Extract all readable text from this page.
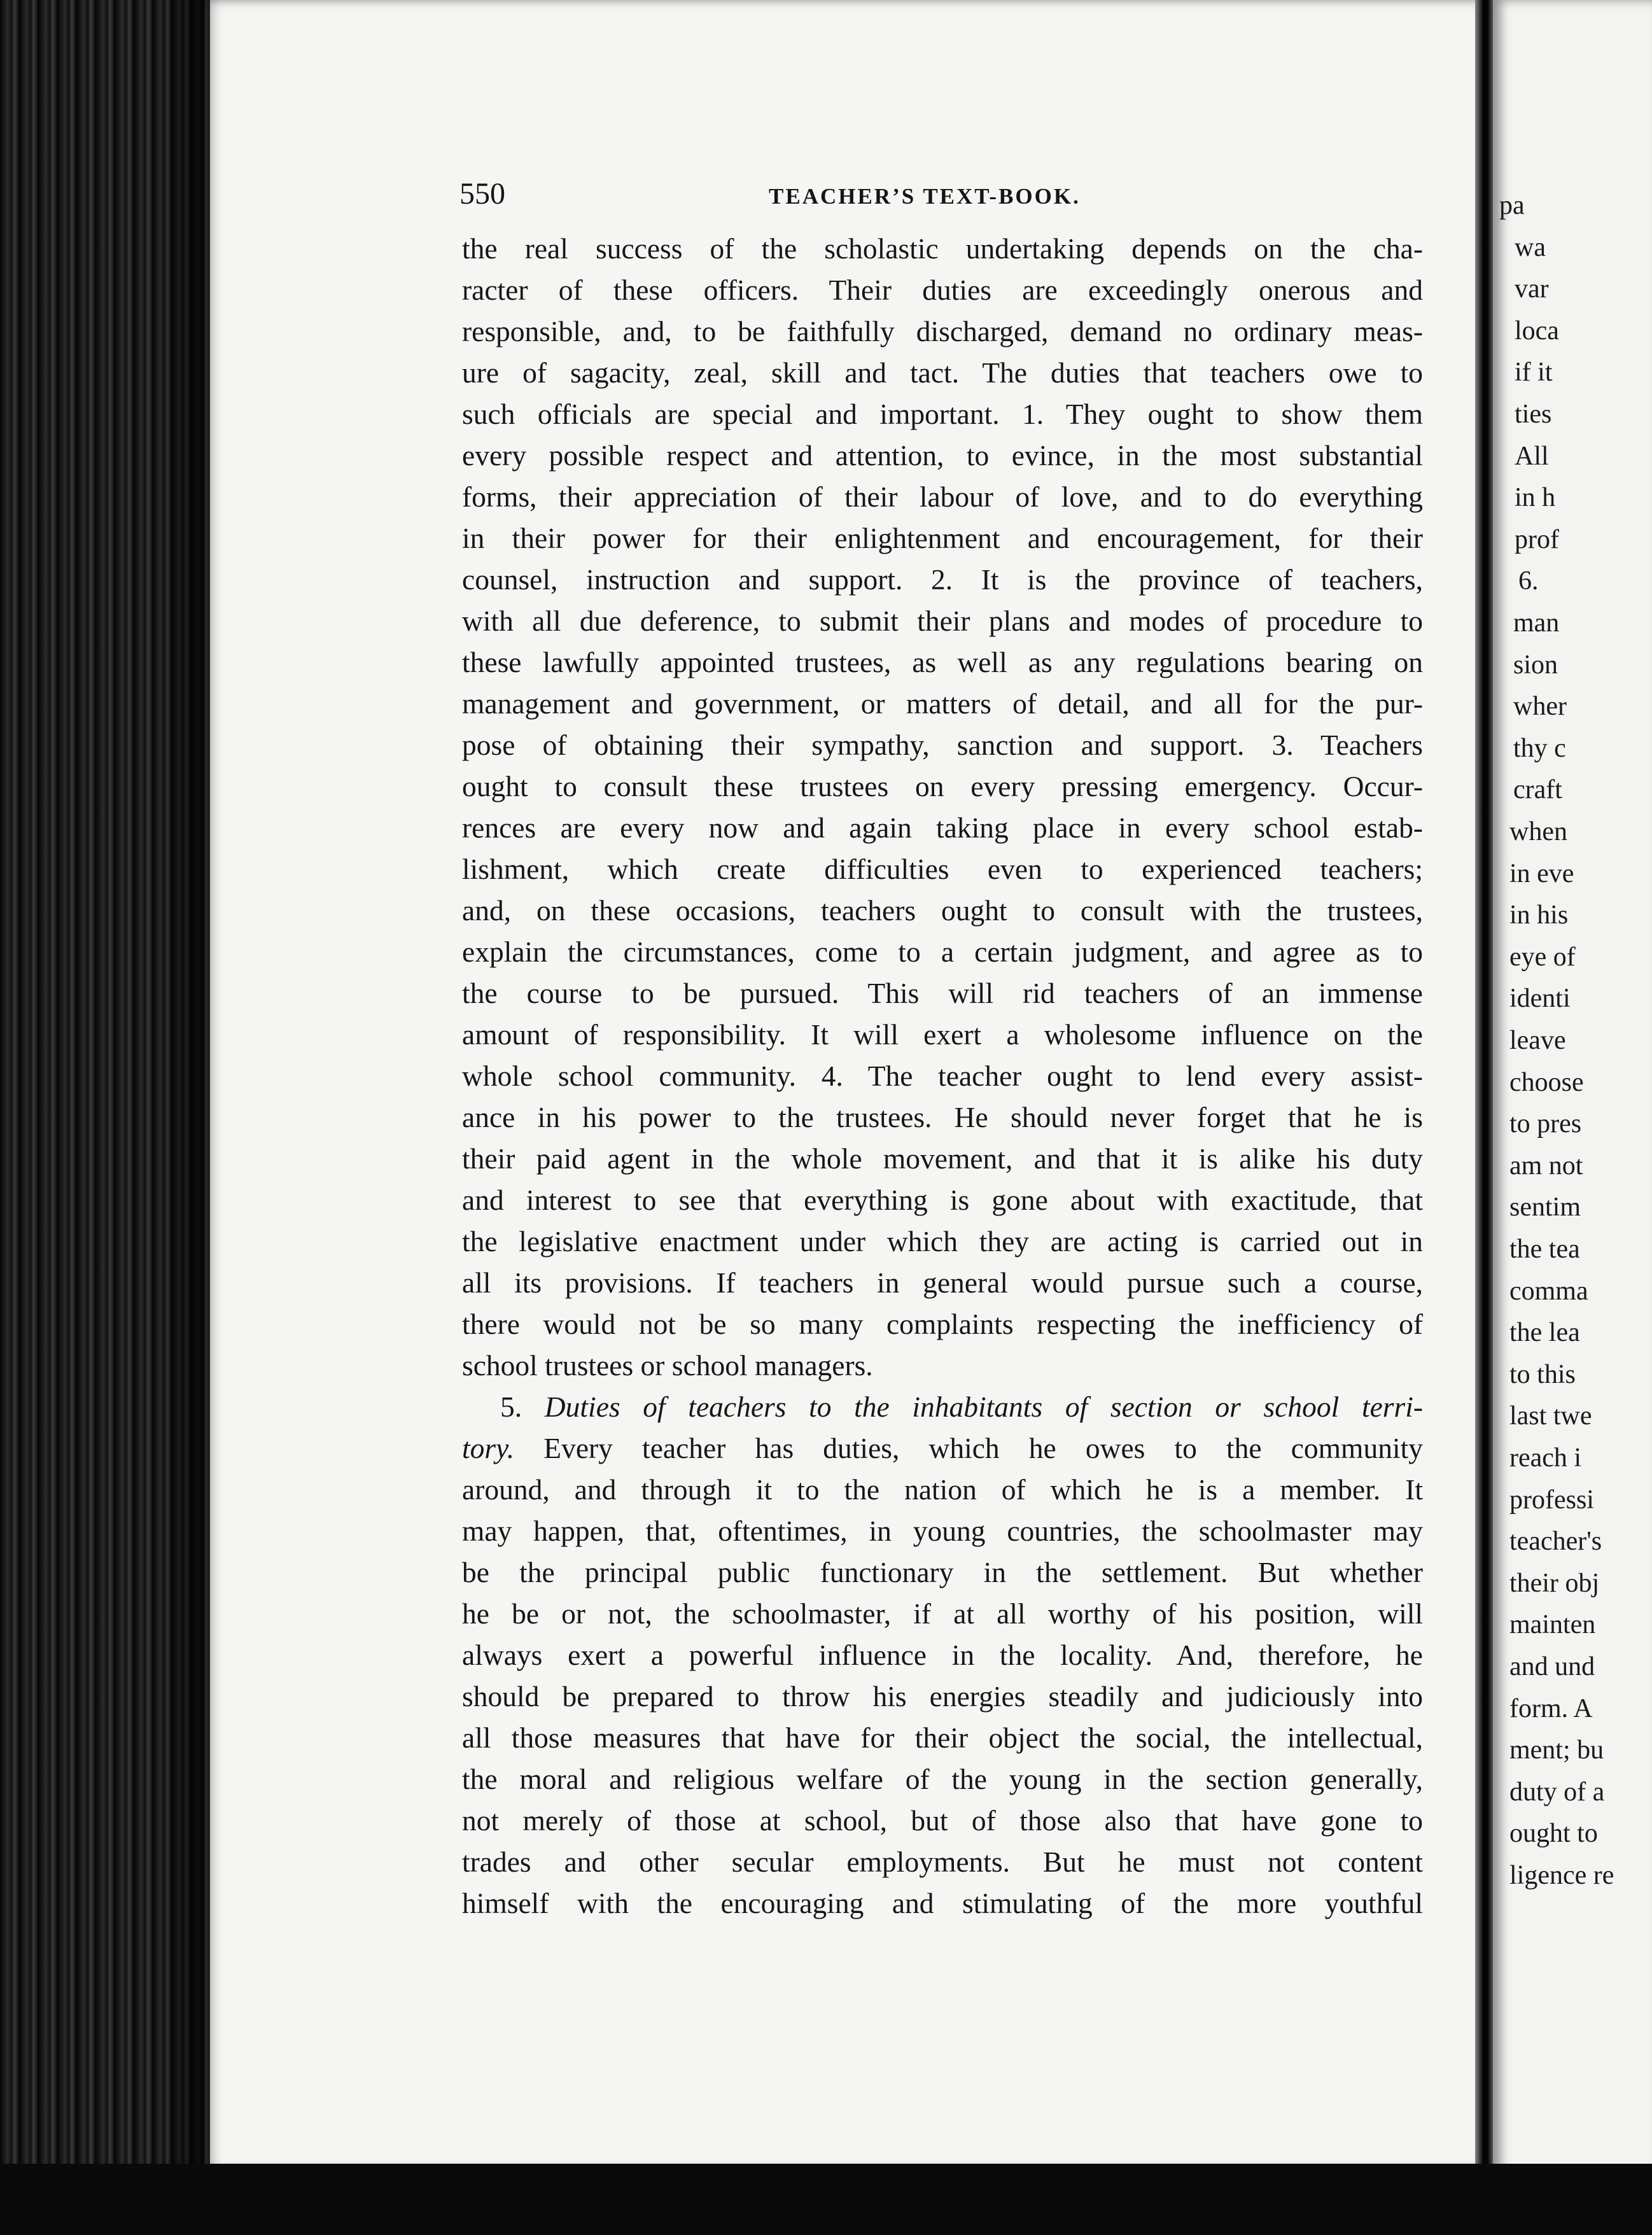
550	TEACHER’S TEXT-BOOK.
the real success of the scholastic undertaking depends on the cha-
racter of these officers. Their duties are exceedingly onerous and
responsible, and, to be faithfully discharged, demand no ordinary meas-
ure of sagacity, zeal, skill and tact. The duties that teachers owe to
such officials are special and important. 1. They ought to show them
every possible respect and attention, to evince, in the most substantial
forms, their appreciation of their labour of love, and to do everything
in their power for their enlightenment and encouragement, for their
counsel, instruction and support. 2. It is the province of teachers,
with all due deference, to submit their plans and modes of procedure to
these lawfully appointed trustees, as well as any regulations bearing on
management and government, or matters of detail, and all for the pur-
pose of obtaining their sympathy, sanction and support. 3. Teachers
ought to consult these trustees on every pressing emergency. Occur-
rences are every now and again taking place in every school estab-
lishment, which create difficulties even to experienced teachers;
and, on these occasions, teachers ought to consult with the trustees,
explain the circumstances, come to a certain judgment, and agree as to
the course to be pursued. This will rid teachers of an immense
amount of responsibility. It will exert a wholesome influence on the
whole school community. 4. The teacher ought to lend every assist-
ance in his power to the trustees. He should never forget that he is
their paid agent in the whole movement, and that it is alike his duty
and interest to see that everything is gone about with exactitude, that
the legislative enactment under which they are acting is carried out in
all its provisions. If teachers in general would pursue such a course,
there would not be so many complaints respecting the inefficiency of
school trustees or school managers.
5. Duties of teachers to the inhabitants of section or school terri-
tory. Every teacher has duties, which he owes to the community
around, and through it to the nation of which he is a member. It
may happen, that, oftentimes, in young countries, the schoolmaster may
be the principal public functionary in the settlement. But whether
he be or not, the schoolmaster, if at all worthy of his position, will
always exert a powerful influence in the locality. And, therefore, he
should be prepared to throw his energies steadily and judiciously into
all those measures that have for their object the social, the intellectual,
the moral and religious welfare of the young in the section generally,
not merely of those at school, but of those also that have gone to
trades and other secular employments. But he must not content
himself with the encouraging and stimulating of the more youthful
pa
wa
var
loca
if it
ties
All
in h
prof
6.
man
sion
wher
thy c
craft
when
in eve
in his
eye of
identi
leave
choose
to pres
am not
sentim
the tea
comma
the lea
to this
last twe
reach i
professi
teacher's
their obj
mainten
and und
form. A
ment; bu
duty of a
ought to
ligence re
